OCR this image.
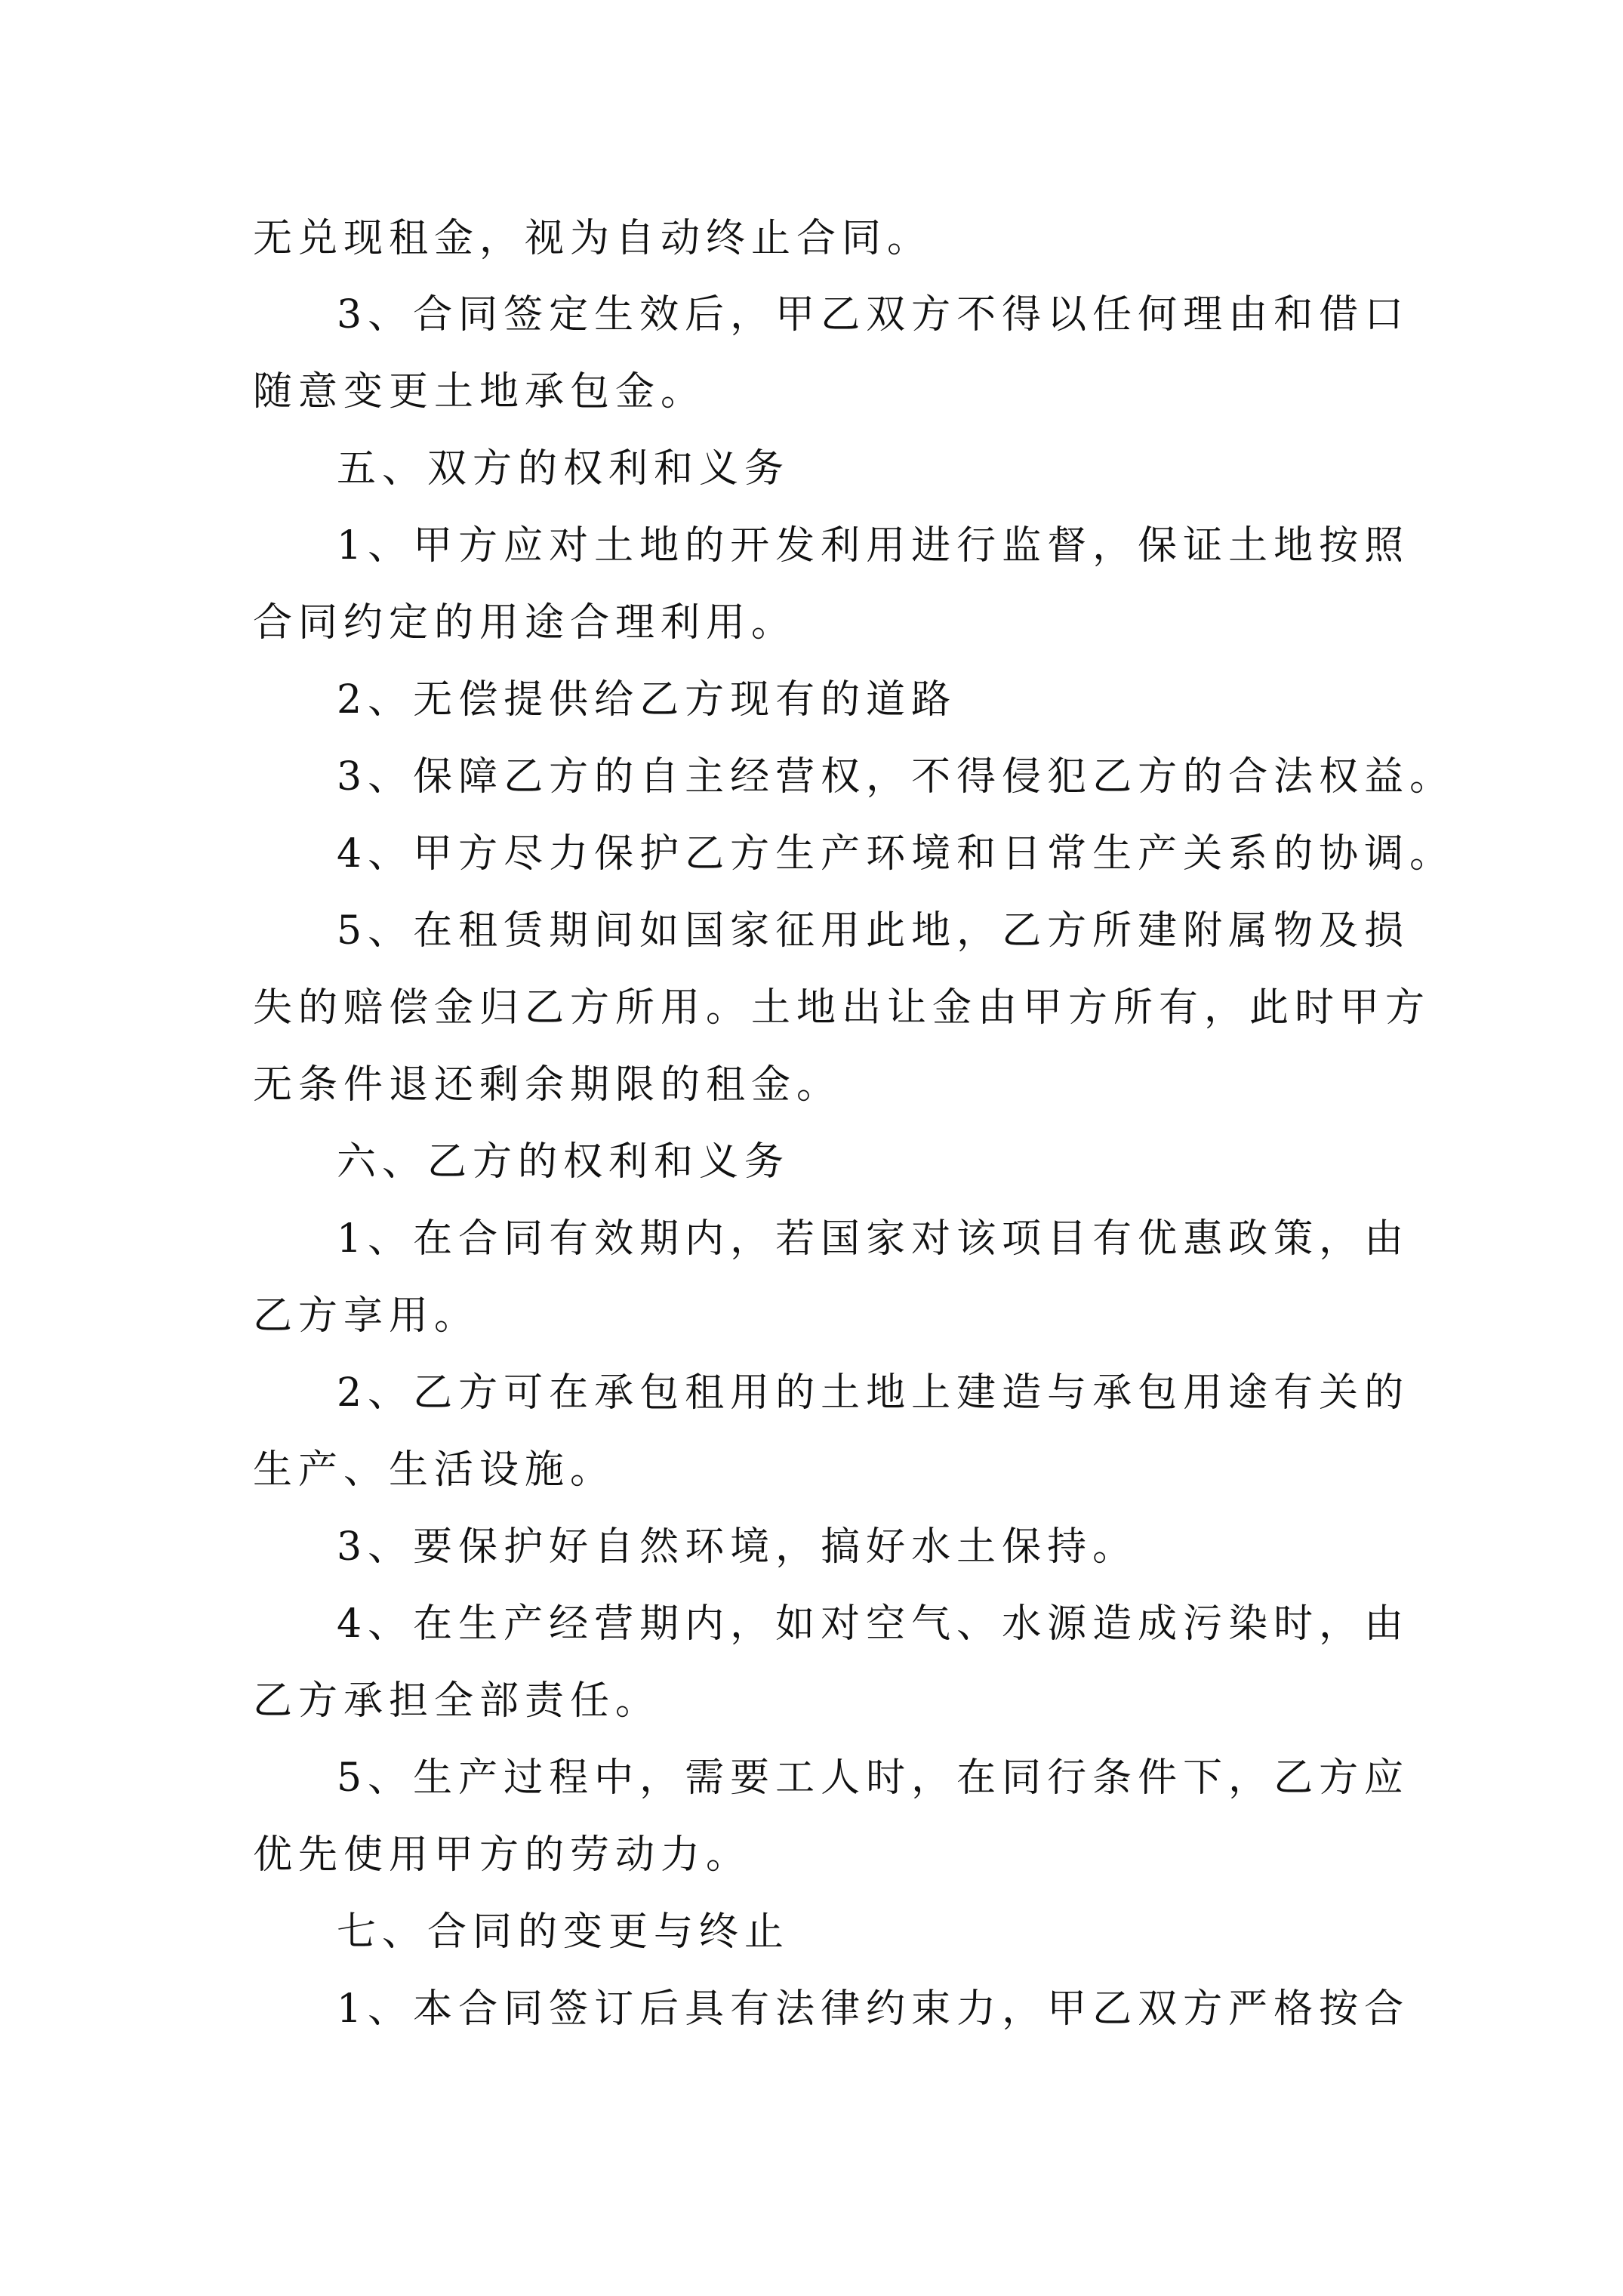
无兑现租金，视为自动终止合同。
3、合同签定生效后，甲乙双方不得以任何理由和借口
随意变更土地承包金。
五、双方的权利和义务
1、甲方应对土地的开发利用进行监督，保证土地按照
合同约定的用途合理利用。
2、无偿提供给乙方现有的道路
3、保障乙方的自主经营权，不得侵犯乙方的合法权益。
4、甲方尽力保护乙方生产环境和日常生产关系的协调。
5、在租赁期间如国家征用此地，乙方所建附属物及损
失的赔偿金归乙方所用。土地出让金由甲方所有，此时甲方
无条件退还剩余期限的租金。
六、乙方的权利和义务
1、在合同有效期内，若国家对该项目有优惠政策，由
乙方享用。
2、乙方可在承包租用的土地上建造与承包用途有关的
生产、生活设施。
3、要保护好自然环境，搞好水土保持。
4、在生产经营期内，如对空气、水源造成污染时，由
乙方承担全部责任。
5、生产过程中，需要工人时，在同行条件下，乙方应
优先使用甲方的劳动力。
七、合同的变更与终止
1、本合同签订后具有法律约束力，甲乙双方严格按合
